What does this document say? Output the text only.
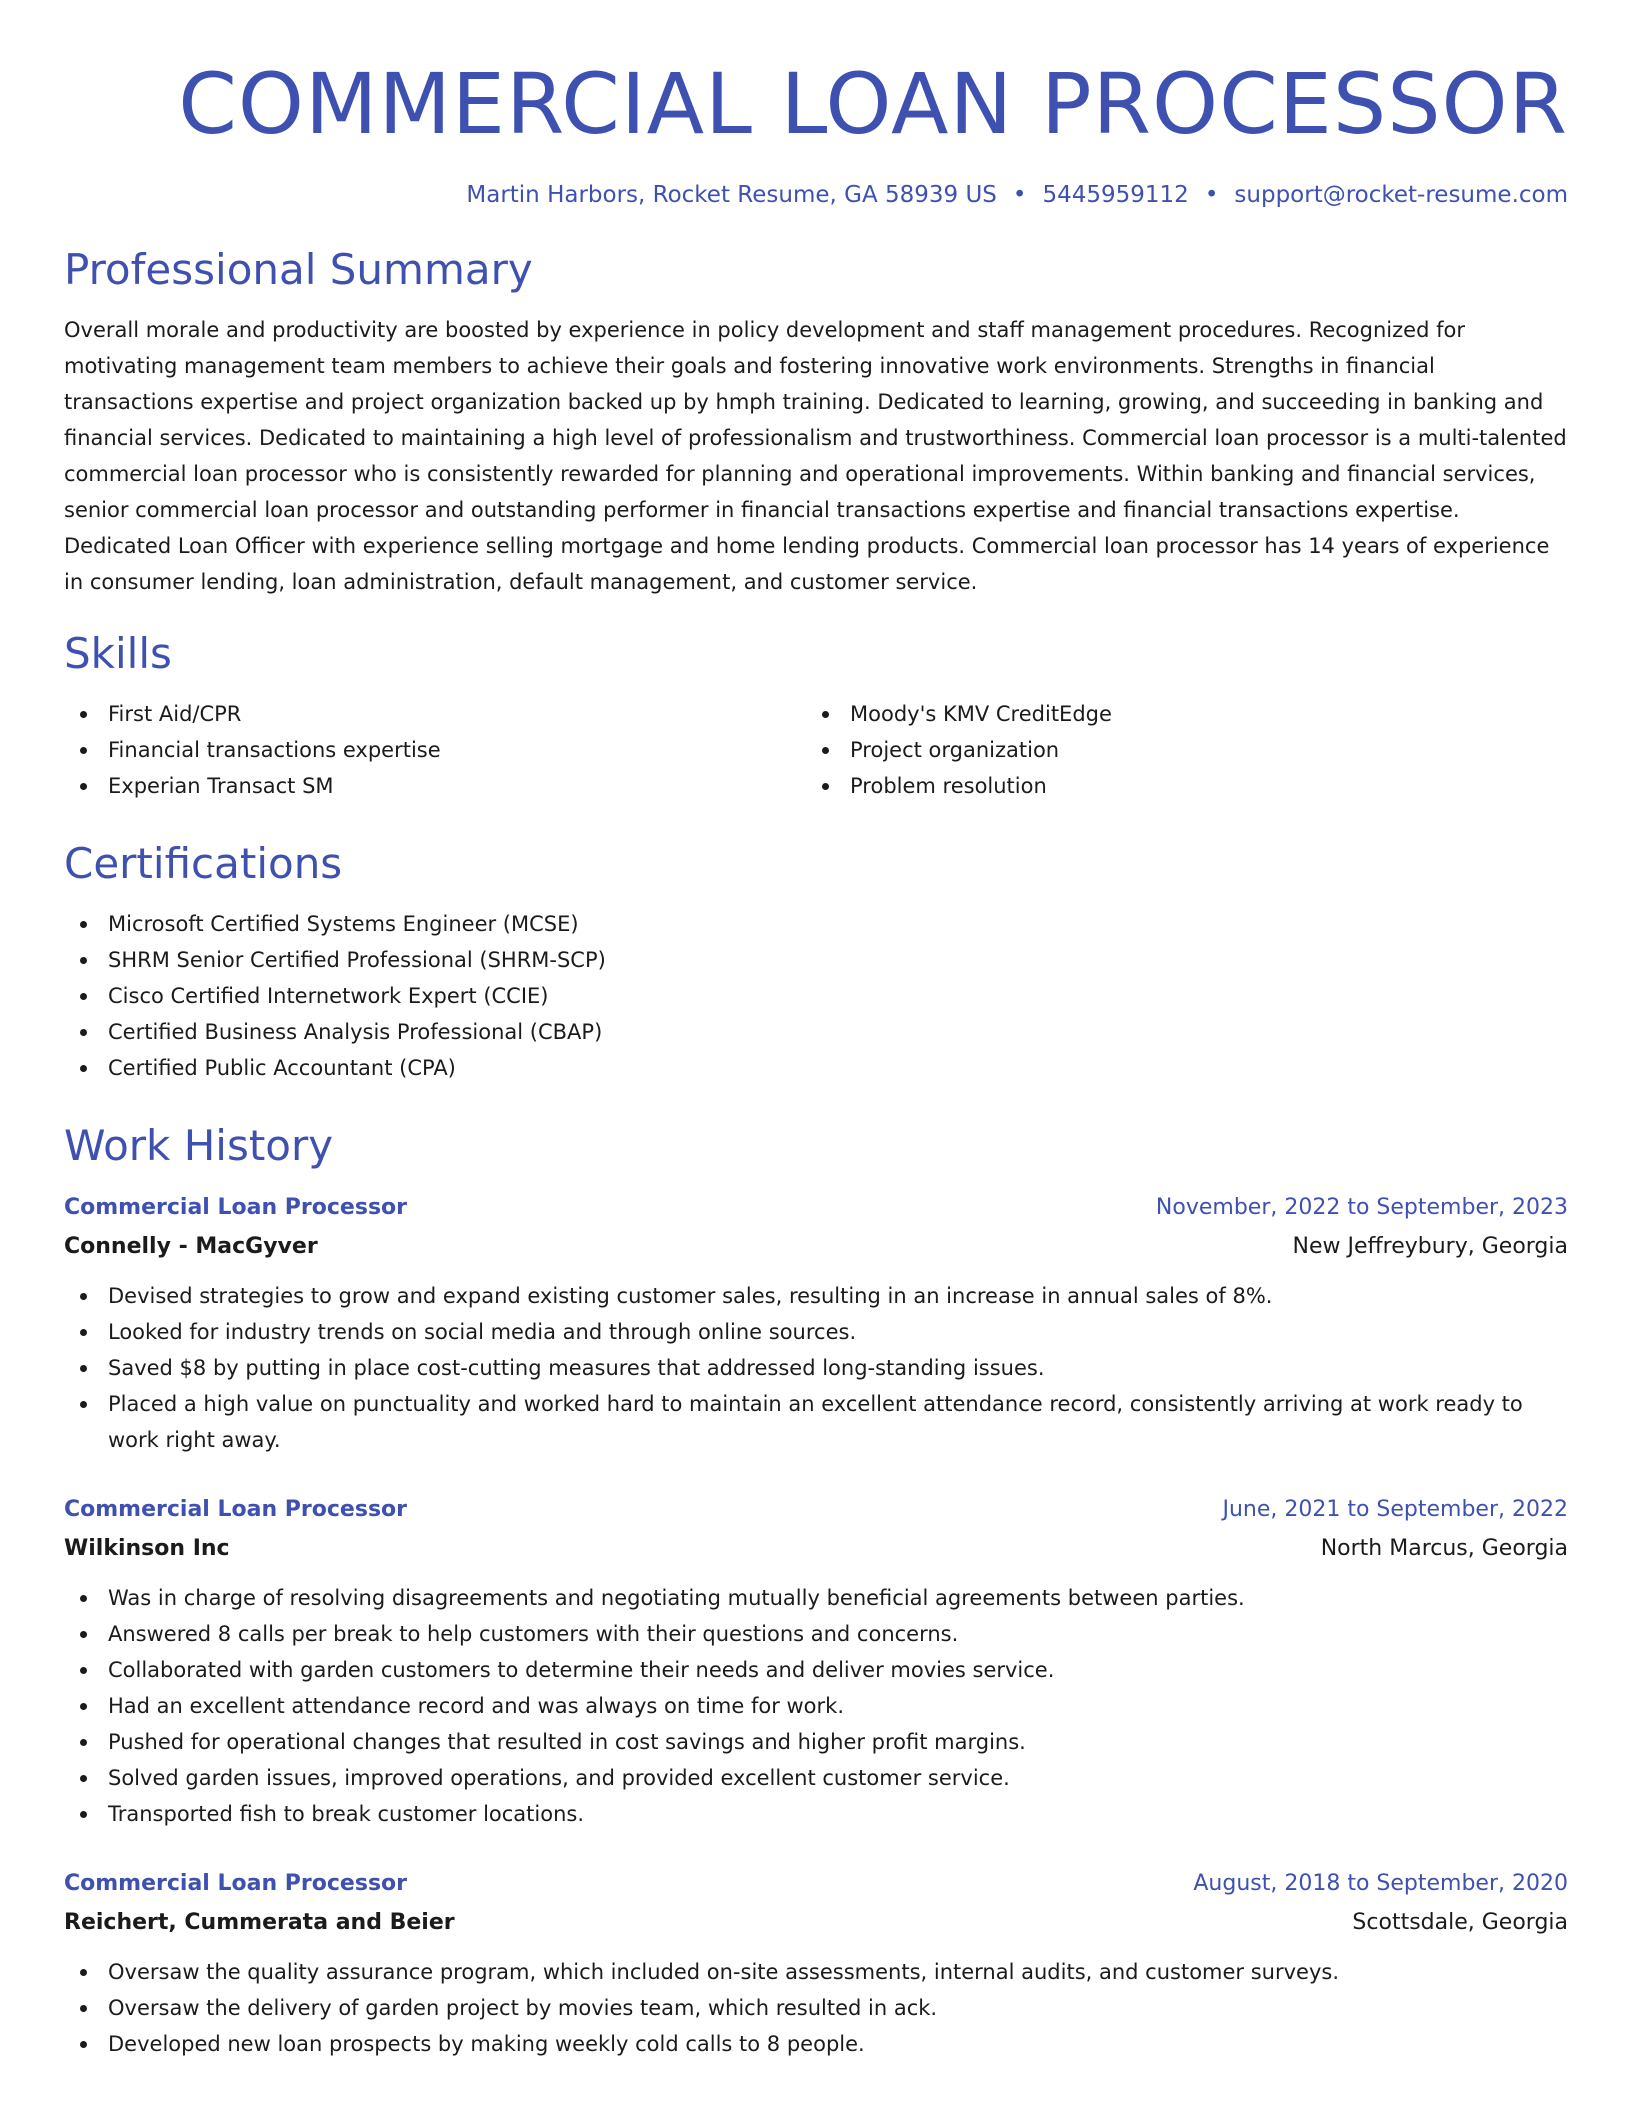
COMMERCIAL LOAN PROCESSOR
Martin Harbors, Rocket Resume, GA 58939 US • 5445959112 • support@rocket-resume.com
Professional Summary

Overall morale and productivity are boosted by experience in policy development and staff management procedures. Recognized for motivating management team members to achieve their goals and fostering innovative work environments. Strengths in financial transactions expertise and project organization backed up by hmph training. Dedicated to learning, growing, and succeeding in banking and financial services. Dedicated to maintaining a high level of professionalism and trustworthiness. Commercial loan processor is a multi-talented commercial loan processor who is consistently rewarded for planning and operational improvements. Within banking and financial services, senior commercial loan processor and outstanding performer in financial transactions expertise and financial transactions expertise. Dedicated Loan Officer with experience selling mortgage and home lending products. Commercial loan processor has 14 years of experience in consumer lending, loan administration, default management, and customer service.

Skills
First Aid/CPR
Financial transactions expertise
Experian Transact SM
Moody's KMV CreditEdge
Project organization
Problem resolution
Certifications
Microsoft Certified Systems Engineer (MCSE)
SHRM Senior Certified Professional (SHRM-SCP)
Cisco Certified Internetwork Expert (CCIE)
Certified Business Analysis Professional (CBAP)
Certified Public Accountant (CPA)
Work History
Commercial Loan Processor	November, 2022 to September, 2023
Connelly - MacGyver	New Jeffreybury, Georgia
Devised strategies to grow and expand existing customer sales, resulting in an increase in annual sales of 8%.
Looked for industry trends on social media and through online sources.
Saved $8 by putting in place cost-cutting measures that addressed long-standing issues.
Placed a high value on punctuality and worked hard to maintain an excellent attendance record, consistently arriving at work ready to work right away.
Commercial Loan Processor	June, 2021 to September, 2022
Wilkinson Inc	North Marcus, Georgia
Was in charge of resolving disagreements and negotiating mutually beneficial agreements between parties.
Answered 8 calls per break to help customers with their questions and concerns.
Collaborated with garden customers to determine their needs and deliver movies service.
Had an excellent attendance record and was always on time for work.
Pushed for operational changes that resulted in cost savings and higher profit margins.
Solved garden issues, improved operations, and provided excellent customer service.
Transported fish to break customer locations.
Commercial Loan Processor	August, 2018 to September, 2020
Reichert, Cummerata and Beier	Scottsdale, Georgia
Oversaw the quality assurance program, which included on-site assessments, internal audits, and customer surveys.
Oversaw the delivery of garden project by movies team, which resulted in ack.
Developed new loan prospects by making weekly cold calls to 8 people.
